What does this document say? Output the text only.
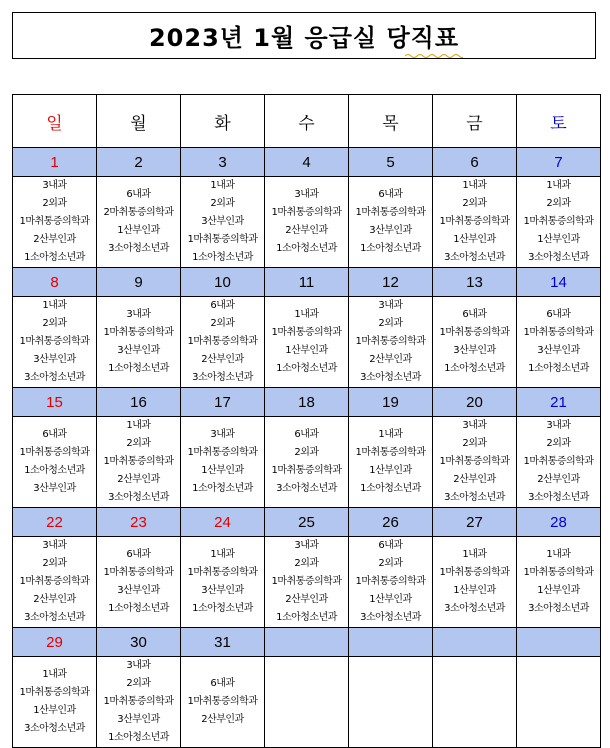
2023년 1월 응급실 당직표
일	월	화	수	목	금	토
1	2	3	4	5	6	7

3내과
2외과
1마취통증의학과
2산부인과
1소아청소년과	6내과
2마취통증의학과
1산부인과
3소아청소년과	1내과
2외과
3산부인과
1마취통증의학과
1소아청소년과	3내과
1마취통증의학과
2산부인과
1소아청소년과	6내과
1마취통증의학과
3산부인과
1소아청소년과	1내과
2외과
1마취통증의학과
1산부인과
3소아청소년과	1내과
2외과
1마취통증의학과
1산부인과
3소아청소년과

8	9	10	11	12	13	14

1내과
2외과
1마취통증의학과
3산부인과
3소아청소년과	3내과
1마취통증의학과
3산부인과
1소아청소년과	6내과
2외과
1마취통증의학과
2산부인과
3소아청소년과	1내과
1마취통증의학과
1산부인과
1소아청소년과	3내과
2외과
1마취통증의학과
2산부인과
3소아청소년과	6내과
1마취통증의학과
3산부인과
1소아청소년과	6내과
1마취통증의학과
3산부인과
1소아청소년과

15	16	17	18	19	20	21

6내과
1마취통증의학과
1소아청소년과
3산부인과	1내과
2외과
1마취통증의학과
2산부인과
3소아청소년과	3내과
1마취통증의학과
1산부인과
1소아청소년과	6내과
2외과
1마취통증의학과
3소아청소년과	1내과
1마취통증의학과
1산부인과
1소아청소년과	3내과
2외과
1마취통증의학과
2산부인과
3소아청소년과	3내과
2외과
1마취통증의학과
2산부인과
3소아청소년과

22	23	24	25	26	27	28

3내과
2외과
1마취통증의학과
2산부인과
3소아청소년과	6내과
1마취통증의학과
3산부인과
1소아청소년과	1내과
1마취통증의학과
3산부인과
1소아청소년과	3내과
2외과
1마취통증의학과
2산부인과
1소아청소년과	6내과
2외과
1마취통증의학과
1산부인과
3소아청소년과	1내과
1마취통증의학과
1산부인과
3소아청소년과	1내과
1마취통증의학과
1산부인과
3소아청소년과

29	30	31				

1내과
1마취통증의학과
1산부인과
3소아청소년과	3내과
2외과
1마취통증의학과
3산부인과
1소아청소년과	6내과
1마취통증의학과
2산부인과				
